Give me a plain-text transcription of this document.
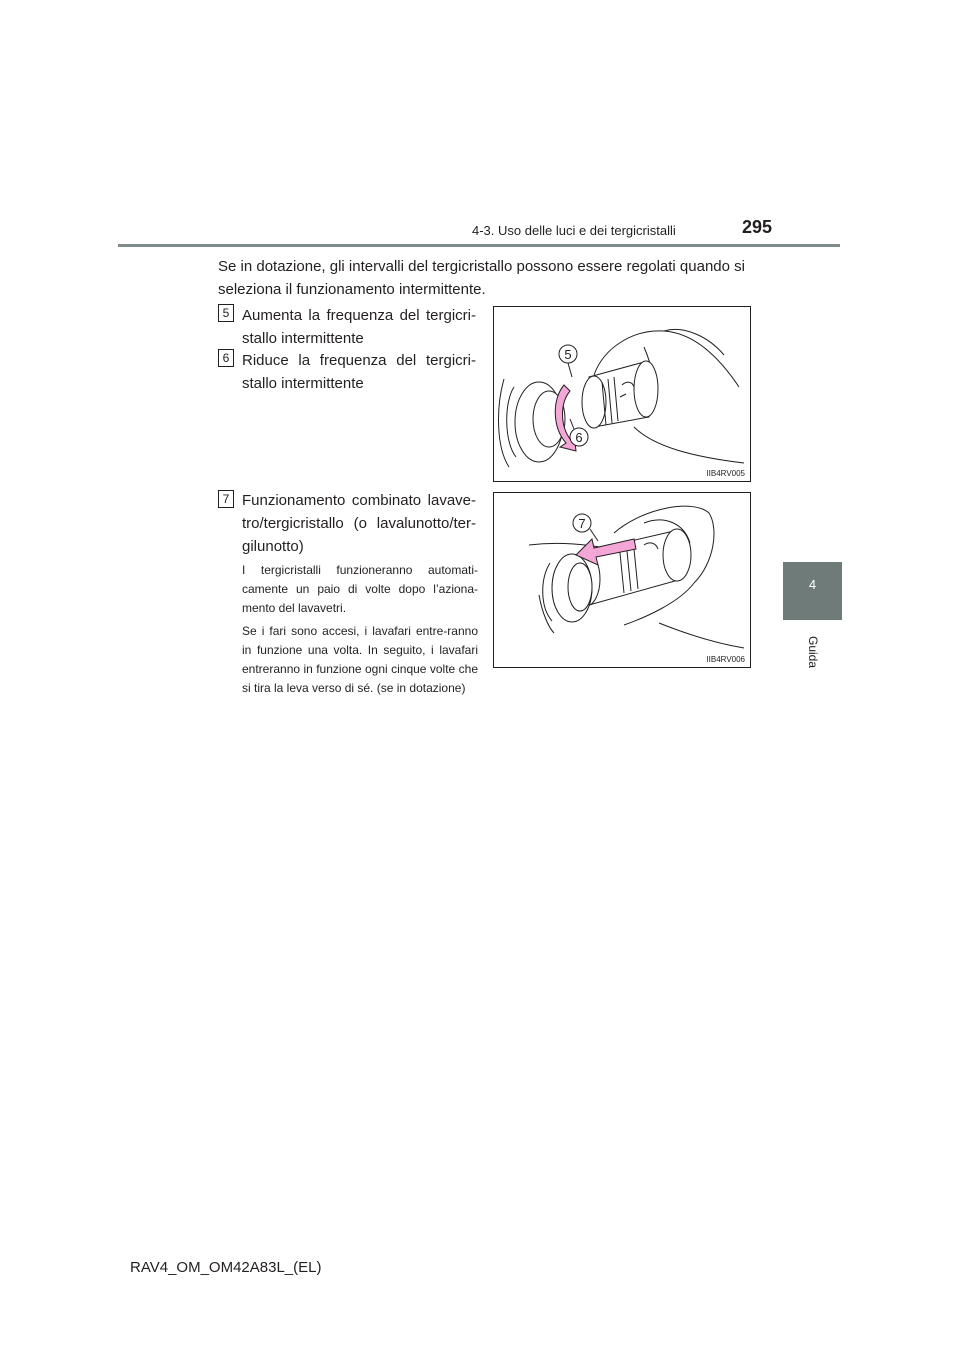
4-3. Uso delle luci e dei tergicristalli	295
4
Guida
Se in dotazione, gli intervalli del tergicristallo possono essere regolati quando si seleziona il funzionamento intermittente.
5 Aumenta la frequenza del tergicri-stallo intermittente
6 Riduce la frequenza del tergicri-stallo intermittente
7 Funzionamento combinato lavave-tro/tergicristallo (o lavalunotto/ter-gilunotto)
I tergicristalli funzioneranno automati-camente un paio di volte dopo l’aziona-mento del lavavetri.
Se i fari sono accesi, i lavafari entre-ranno in funzione una volta. In seguito, i lavafari entreranno in funzione ogni cinque volte che si tira la leva verso di sé. (se in dotazione)
5
6
IIB4RV005
7
IIB4RV006
RAV4_OM_OM42A83L_(EL)
